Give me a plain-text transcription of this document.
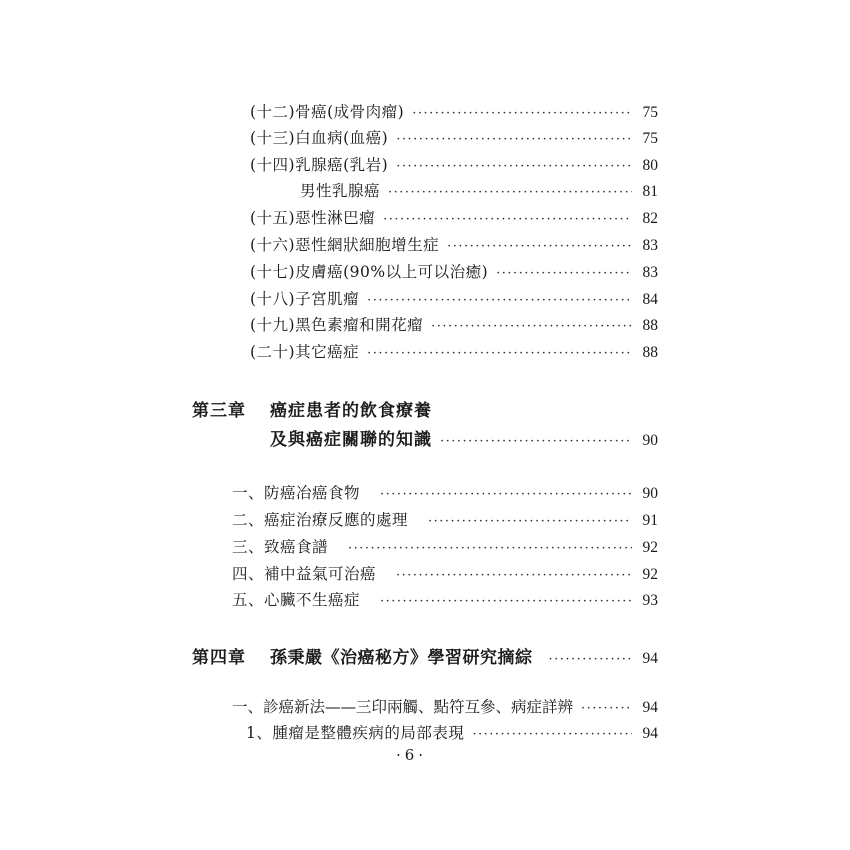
(十二)骨癌(成骨肉瘤) ·····	75
(十三)白血病(血癌) ·····	75
(十四)乳腺癌(乳岩) ·····	80
男性乳腺癌 ·····	81
(十五)惡性淋巴瘤 ·····	82
(十六)惡性網狀細胞增生症 ·····	83
(十七)皮膚癌(90%以上可以治癒) ·····	83
(十八)子宮肌瘤 ·····	84
(十九)黑色素瘤和開花瘤 ·····	88
(二十)其它癌症 ·····	88
第三章 癌症患者的飲食療養
及與癌症關聯的知識 ·····	90
一、防癌冶癌食物 ·····	90
二、癌症治療反應的處理 ·····	91
三、致癌食譜 ·····	92
四、補中益氣可治癌 ·····	92
五、心臟不生癌症 ·····	93
第四章	孫秉嚴《治癌秘方》學習研究摘綜 ·····	94
一、診癌新法——三印兩觸、點符互參、病症詳辨 ·····	94
1、腫瘤是整體疾病的局部表現 ·····	94
·6·
